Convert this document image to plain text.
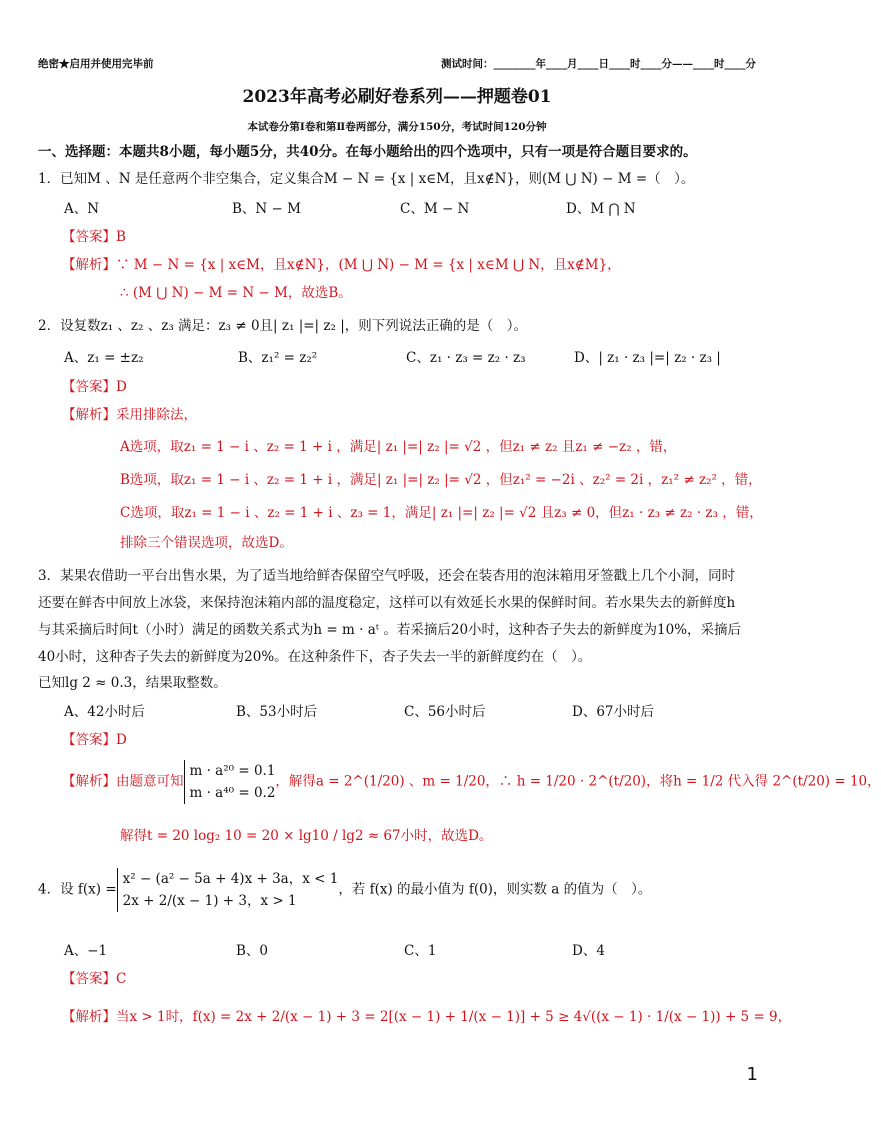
绝密★启用并使用完毕前	测试时间：________年____月____日____时____分——____时____分
2023年高考必刷好卷系列——押题卷01
本试卷分第Ⅰ卷和第Ⅱ卷两部分，满分150分，考试时间120分钟
一、选择题：本题共8小题，每小题5分，共40分。在每小题给出的四个选项中，只有一项是符合题目要求的。
1．已知M 、N 是任意两个非空集合，定义集合M − N = {x | x∈M，且x∉N}，则(M ⋃ N) − M =（　）。
A、N	B、N − M	C、M − N	D、M ⋂ N
【答案】B
【解析】∵ M − N = {x | x∈M，且x∉N}，(M ⋃ N) − M = {x | x∈M ⋃ N，且x∉M}，
∴ (M ⋃ N) − M = N − M，故选B。
2．设复数z₁ 、z₂ 、z₃ 满足：z₃ ≠ 0且| z₁ |=| z₂ |，则下列说法正确的是（　）。
A、z₁ = ±z₂	B、z₁² = z₂²	C、z₁ · z₃ = z₂ · z₃	D、| z₁ · z₃ |=| z₂ · z₃ |
【答案】D
【解析】采用排除法，
A选项，取z₁ = 1 − i 、z₂ = 1 + i ，满足| z₁ |=| z₂ |= √2 ，但z₁ ≠ z₂ 且z₁ ≠ −z₂ ，错，
B选项，取z₁ = 1 − i 、z₂ = 1 + i ，满足| z₁ |=| z₂ |= √2 ，但z₁² = −2i 、z₂² = 2i ，z₁² ≠ z₂² ，错，
C选项，取z₁ = 1 − i 、z₂ = 1 + i 、z₃ = 1，满足| z₁ |=| z₂ |= √2 且z₃ ≠ 0，但z₁ · z₃ ≠ z₂ · z₃ ，错，
排除三个错误选项，故选D。
3．某果农借助一平台出售水果，为了适当地给鲜杏保留空气呼吸，还会在装杏用的泡沫箱用牙签戳上几个小洞，同时
还要在鲜杏中间放上冰袋，来保持泡沫箱内部的温度稳定，这样可以有效延长水果的保鲜时间。若水果失去的新鲜度h
与其采摘后时间t（小时）满足的函数关系式为h = m · aᵗ 。若采摘后20小时，这种杏子失去的新鲜度为10%，采摘后
40小时，这种杏子失去的新鲜度为20%。在这种条件下，杏子失去一半的新鲜度约在（　）。
已知lg 2 ≈ 0.3，结果取整数。
A、42小时后	B、53小时后	C、56小时后	D、67小时后
【答案】D
【解析】由题意可知m · a²⁰ = 0.1
m · a⁴⁰ = 0.2，解得a = 2^(1/20) 、m = 1/20，∴ h = 1/20 · 2^(t/20)，将h = 1/2 代入得 2^(t/20) = 10，
解得t = 20 log₂ 10 = 20 × lg10 / lg2 ≈ 67小时，故选D。
4．设 f(x) =x² − (a² − 5a + 4)x + 3a，x < 1
2x + 2/(x − 1) + 3，x > 1，若 f(x) 的最小值为 f(0)，则实数 a 的值为（　）。
A、−1	B、0	C、1	D、4
【答案】C
【解析】当x > 1时，f(x) = 2x + 2/(x − 1) + 3 = 2[(x − 1) + 1/(x − 1)] + 5 ≥ 4√((x − 1) · 1/(x − 1)) + 5 = 9，
1
